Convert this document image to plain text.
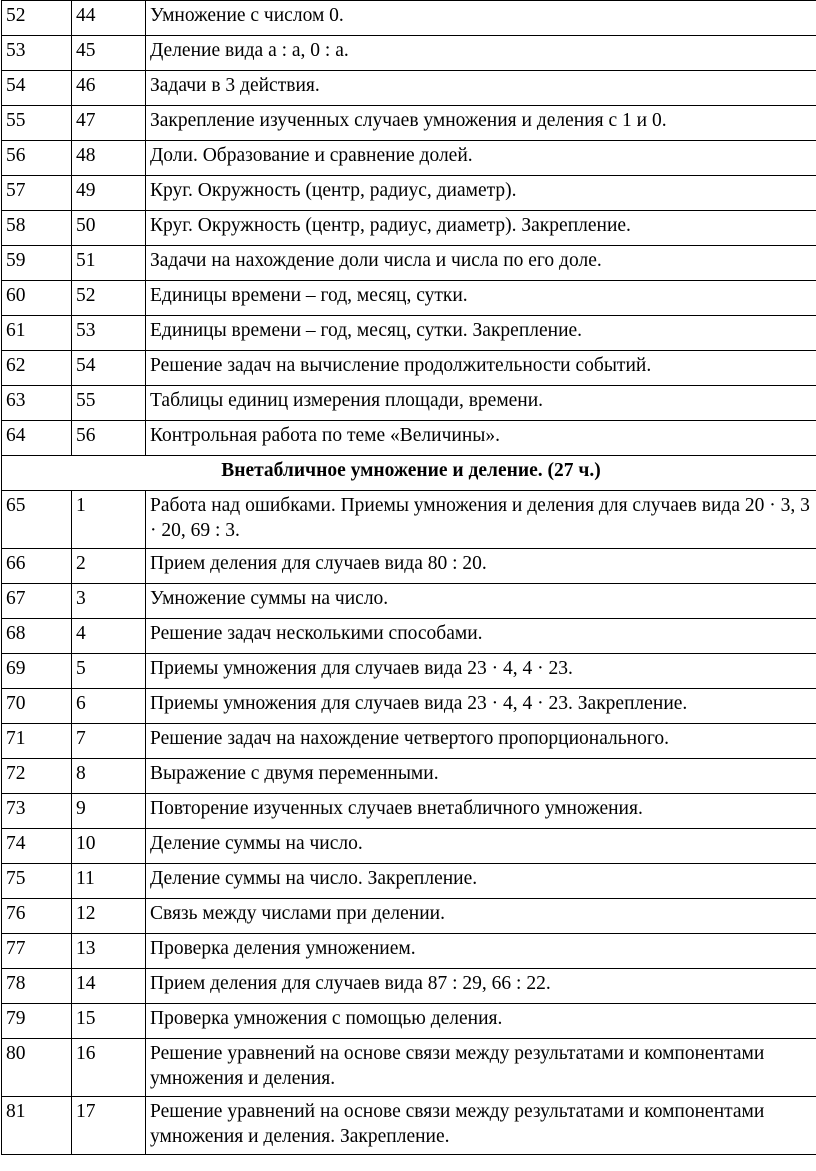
52	44	Умножение с числом 0.
53	45	Деление вида a : a, 0 : a.
54	46	Задачи в 3 действия.
55	47	Закрепление изученных случаев умножения и деления с 1 и 0.
56	48	Доли. Образование и сравнение долей.
57	49	Круг. Окружность (центр, радиус, диаметр).
58	50	Круг. Окружность (центр, радиус, диаметр). Закрепление.
59	51	Задачи на нахождение доли числа и числа по его доле.
60	52	Единицы времени – год, месяц, сутки.
61	53	Единицы времени – год, месяц, сутки. Закрепление.
62	54	Решение задач на вычисление продолжительности событий.
63	55	Таблицы единиц измерения площади, времени.
64	56	Контрольная работа по теме «Величины».
Внетабличное умножение и деление. (27 ч.)		
65	1	Работа над ошибками. Приемы умножения и деления для случаев вида 20 · 3, 3 · 20, 69 : 3.
66	2	Прием деления для случаев вида 80 : 20.
67	3	Умножение суммы на число.
68	4	Решение задач несколькими способами.
69	5	Приемы умножения для случаев вида 23 · 4, 4 · 23.
70	6	Приемы умножения для случаев вида 23 · 4, 4 · 23. Закрепление.
71	7	Решение задач на нахождение четвертого пропорционального.
72	8	Выражение с двумя переменными.
73	9	Повторение изученных случаев внетабличного умножения.
74	10	Деление суммы на число.
75	11	Деление суммы на число. Закрепление.
76	12	Связь между числами при делении.
77	13	Проверка деления умножением.
78	14	Прием деления для случаев вида 87 : 29, 66 : 22.
79	15	Проверка умножения с помощью деления.
80	16	Решение уравнений на основе связи между результатами и компонентами умножения и деления.
81	17	Решение уравнений на основе связи между результатами и компонентами умножения и деления. Закрепление.
